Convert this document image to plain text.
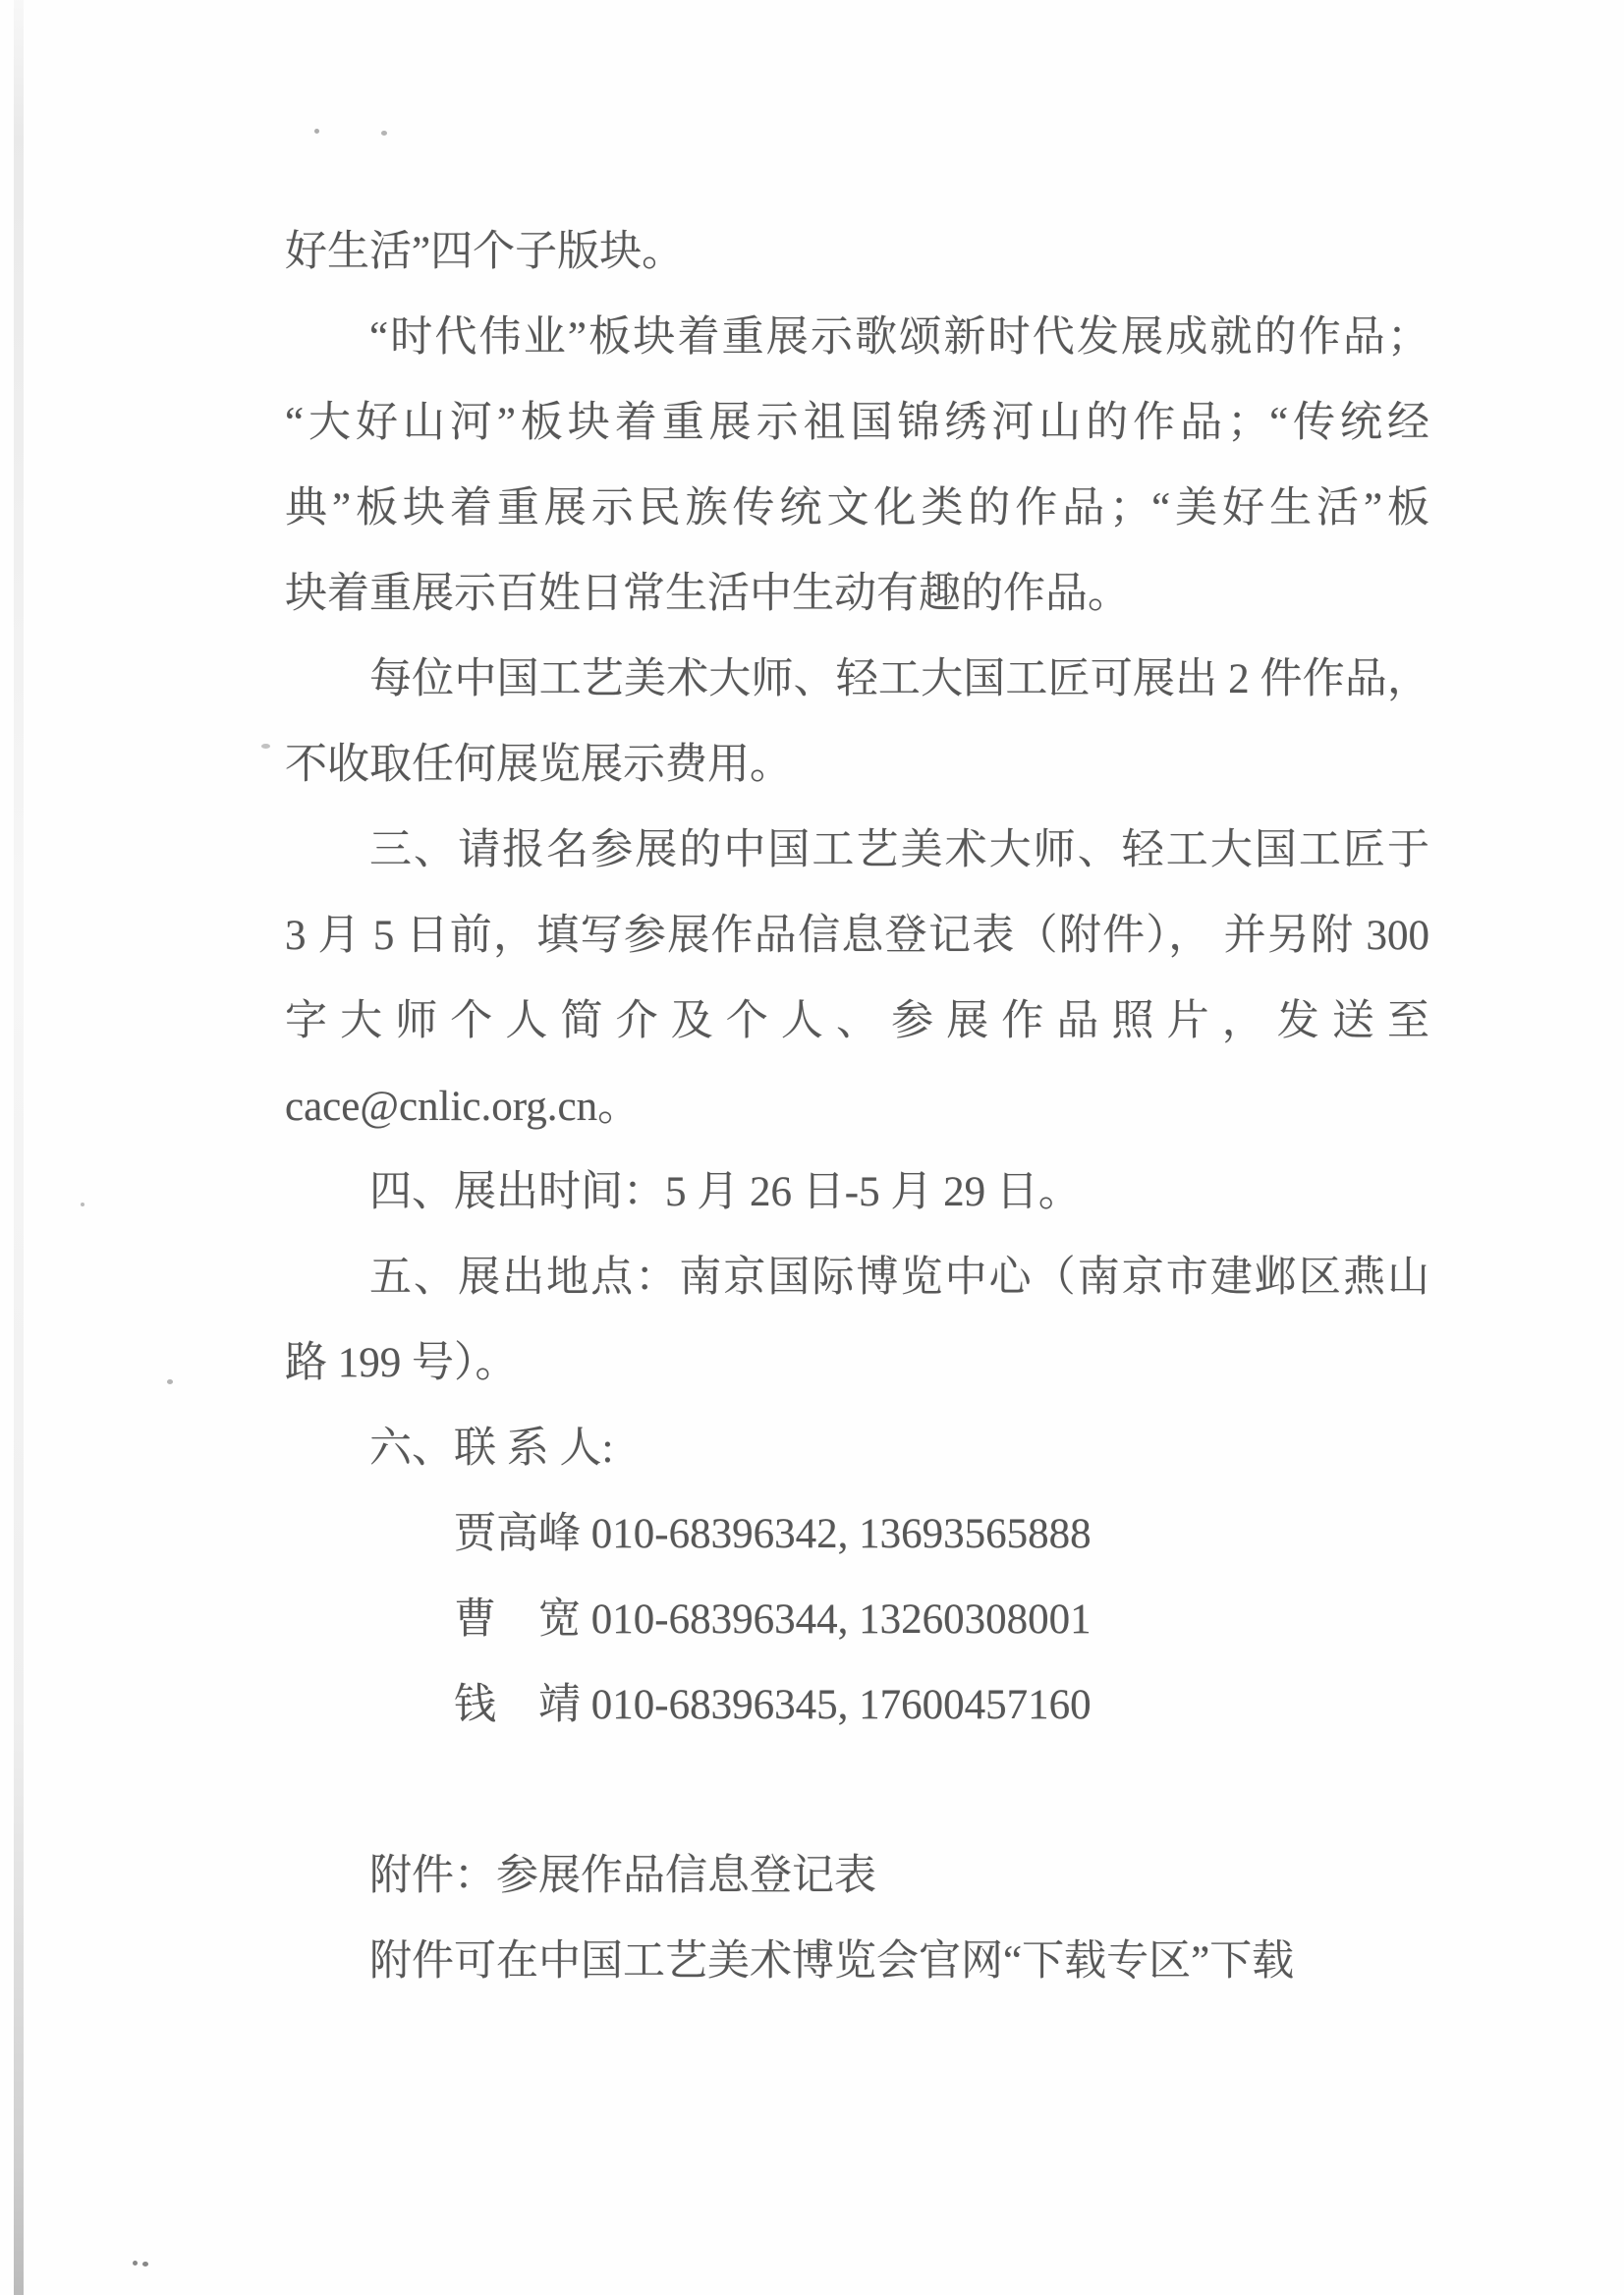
好生活”四个子版块。
“时代伟业”板块着重展示歌颂新时代发展成就的作品；
“大好山河”板块着重展示祖国锦绣河山的作品；“传统经
典”板块着重展示民族传统文化类的作品；“美好生活”板
块着重展示百姓日常生活中生动有趣的作品。
每位中国工艺美术大师、轻工大国工匠可展出 2 件作品，
不收取任何展览展示费用。
三、请报名参展的中国工艺美术大师、轻工大国工匠于
3 月 5 日前，填写参展作品信息登记表（附件）， 并另附 300
字大师个人简介及个人、参展作品照片，发送至
cace@cnlic.org.cn。
四、展出时间：5 月 26 日-5 月 29 日。
五、展出地点：南京国际博览中心（南京市建邺区燕山
路 199 号）。
六、联 系 人:
贾高峰 010-68396342, 13693565888
曹　宽 010-68396344, 13260308001
钱　靖 010-68396345, 17600457160
附件：参展作品信息登记表
附件可在中国工艺美术博览会官网“下载专区”下载
